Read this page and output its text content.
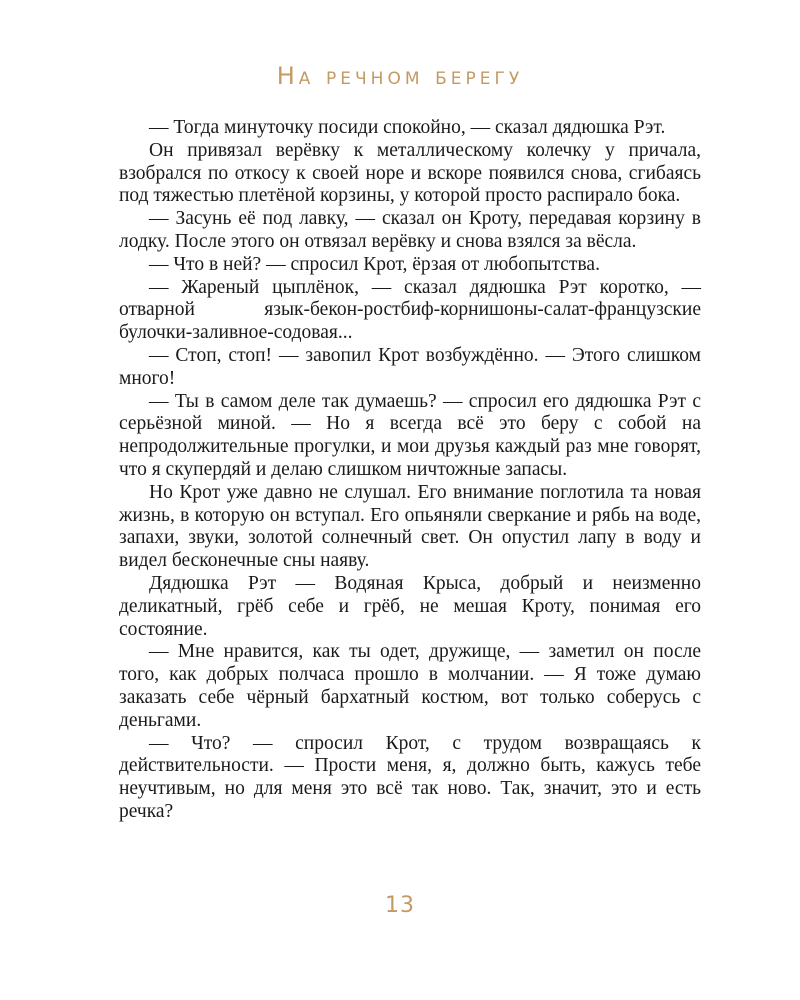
На речном берегу

— Тогда минуточку посиди спокойно, — сказал дядюшка Рэт.

Он привязал верёвку к металлическому колечку у причала, взобрался по откосу к своей норе и вскоре появился снова, сгибаясь под тяжестью плетёной корзины, у которой просто распирало бока.

— Засунь её под лавку, — сказал он Кроту, передавая корзину в лодку. После этого он отвязал верёвку и снова взялся за вёсла.

— Что в ней? — спросил Крот, ёрзая от любопытства.

— Жареный цыплёнок, — сказал дядюшка Рэт коротко, — отварной язык-бекон-ростбиф-корнишоны-салат-французские булочки-заливное-содовая...

— Стоп, стоп! — завопил Крот возбуждённо. — Этого слишком много!

— Ты в самом деле так думаешь? — спросил его дядюшка Рэт с серьёзной миной. — Но я всегда всё это беру с собой на непродолжительные прогулки, и мои друзья каждый раз мне говорят, что я скупердяй и делаю слишком ничтожные запасы.

Но Крот уже давно не слушал. Его внимание поглотила та новая жизнь, в которую он вступал. Его опьяняли сверкание и рябь на воде, запахи, звуки, золотой солнечный свет. Он опустил лапу в воду и видел бесконечные сны наяву.

Дядюшка Рэт — Водяная Крыса, добрый и неизменно деликатный, грёб себе и грёб, не мешая Кроту, понимая его состояние.

— Мне нравится, как ты одет, дружище, — заметил он после того, как добрых полчаса прошло в молчании. — Я тоже думаю заказать себе чёрный бархатный костюм, вот только соберусь с деньгами.

— Что? — спросил Крот, с трудом возвращаясь к действительности. — Прости меня, я, должно быть, кажусь тебе неучтивым, но для меня это всё так ново. Так, значит, это и есть речка?

13
